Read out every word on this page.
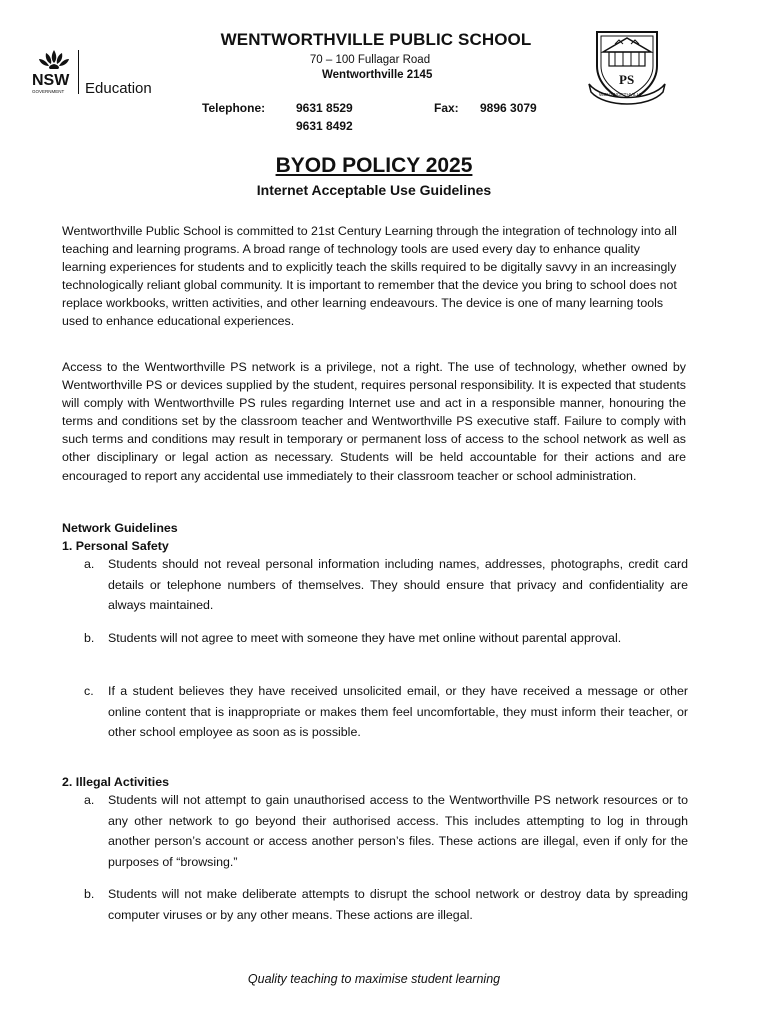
NSW
GOVERNMENT Education
WENTWORTHVILLE PUBLIC SCHOOL
70 – 100 Fullagar Road
Wentworthville 2145
Telephone:	9631 8529
9631 8492
Fax: 9896 3079
PS
WENTWORTHVILLE
BYOD POLICY 2025
Internet Acceptable Use Guidelines

Wentworthville Public School is committed to 21st Century Learning through the integration of technology into all teaching and learning programs. A broad range of technology tools are used every day to enhance quality learning experiences for students and to explicitly teach the skills required to be digitally savvy in an increasingly technologically reliant global community. It is important to remember that the device you bring to school does not replace workbooks, written activities, and other learning endeavours. The device is one of many learning tools used to enhance educational experiences.

Access to the Wentworthville PS network is a privilege, not a right. The use of technology, whether owned by Wentworthville PS or devices supplied by the student, requires personal responsibility. It is expected that students will comply with Wentworthville PS rules regarding Internet use and act in a responsible manner, honouring the terms and conditions set by the classroom teacher and Wentworthville PS executive staff. Failure to comply with such terms and conditions may result in temporary or permanent loss of access to the school network as well as other disciplinary or legal action as necessary. Students will be held accountable for their actions and are encouraged to report any accidental use immediately to their classroom teacher or school administration.

Network Guidelines
1. Personal Safety
a.	Students should not reveal personal information including names, addresses, photographs, credit card details or telephone numbers of themselves. They should ensure that privacy and confidentiality are always maintained.
b.	Students will not agree to meet with someone they have met online without parental approval.
c.	If a student believes they have received unsolicited email, or they have received a message or other online content that is inappropriate or makes them feel uncomfortable, they must inform their teacher, or other school employee as soon as is possible.
2. Illegal Activities
a.	Students will not attempt to gain unauthorised access to the Wentworthville PS network resources or to any other network to go beyond their authorised access. This includes attempting to log in through another person’s account or access another person’s files. These actions are illegal, even if only for the purposes of “browsing.”
b.	Students will not make deliberate attempts to disrupt the school network or destroy data by spreading computer viruses or by any other means. These actions are illegal.
Quality teaching to maximise student learning
